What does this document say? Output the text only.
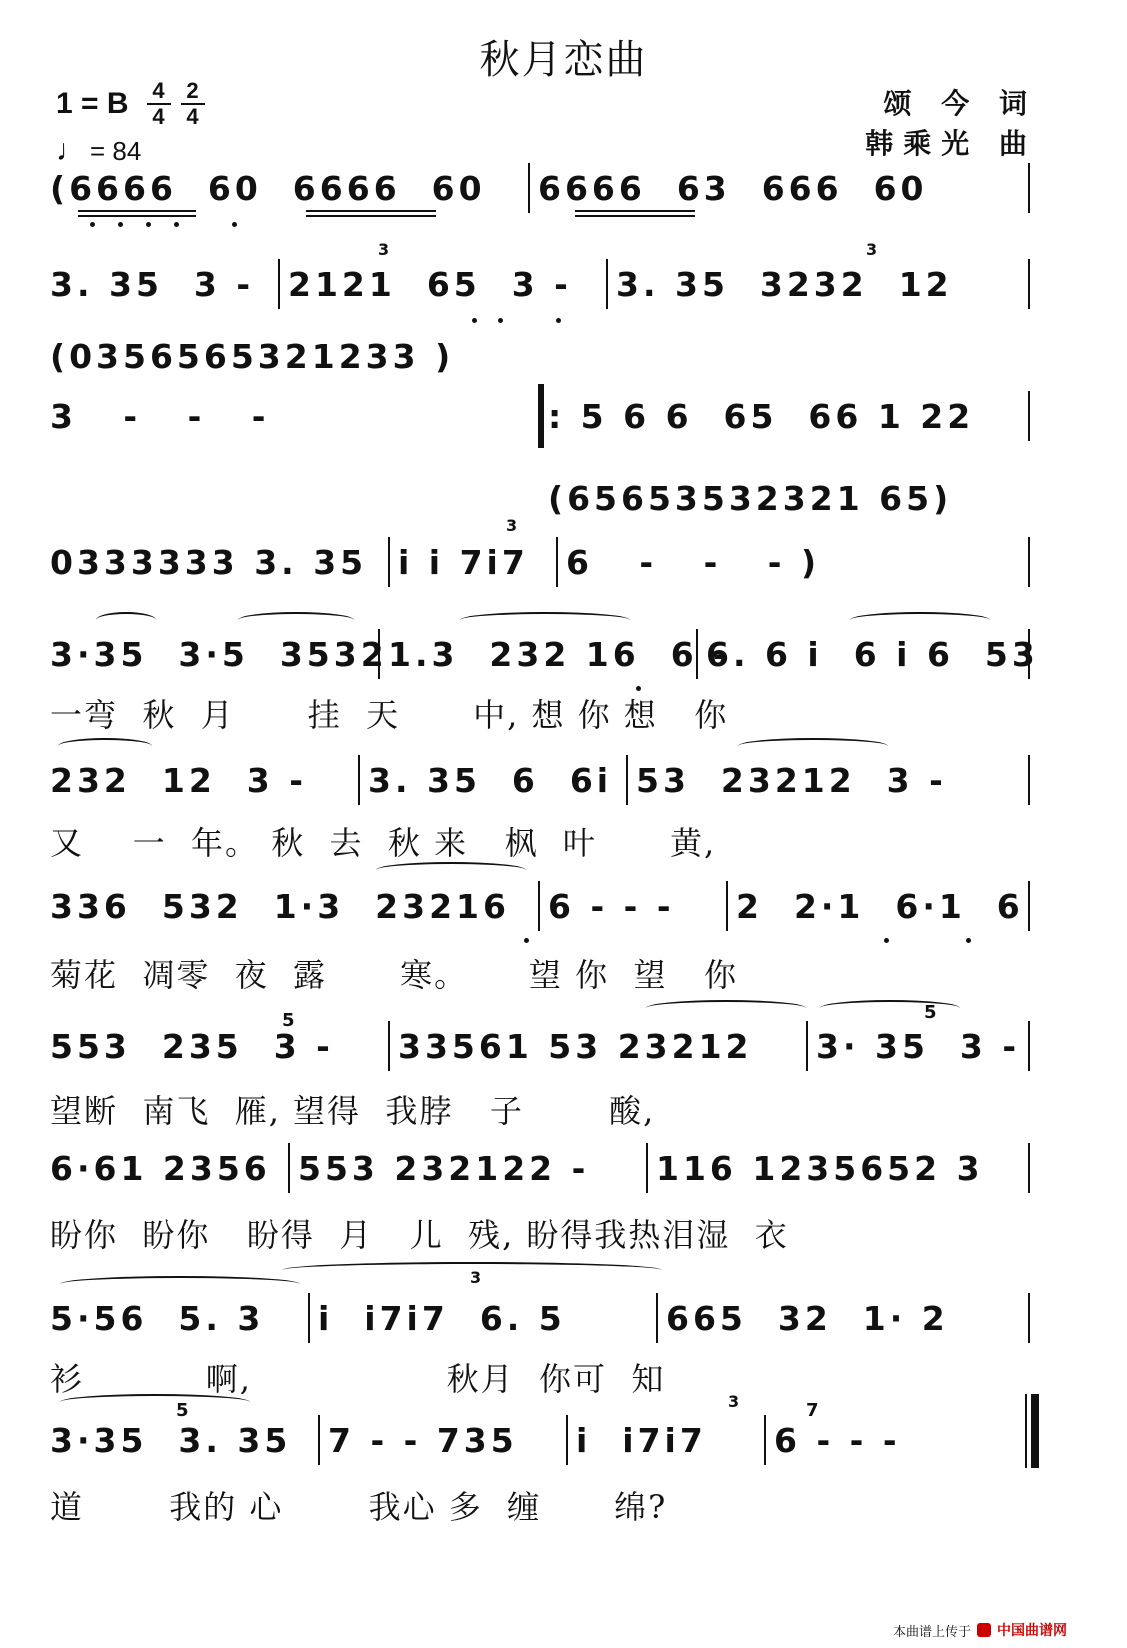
秋月恋曲
1 = B 4
4
2
4
♩ = 84
颂 今 词
韩乘光 曲
(6666  60  6666  60	6666  63  666  60
3. 35  3 -	2121  65  3 -	3. 35  3232  12
(0356565321233 )
3   -   -   -	: 5 6 6  65  66 1 22
(65653532321 65)
0333333 3. 35 i i 7i7	6   -   -   - )
3·35  3·5  3532 1.3  232 16  6 -
6. 6 i  6 i 6  53
一弯  秋  月      挂  天      中, 想 你 想   你
232  12  3 -	3. 35  6  6i 53  23212  3 -
又    一  年。 秋  去  秋 来   枫  叶      黄,
336  532  1·3  23216	6 - - -	2  2·1  6·1  6
菊花  凋零  夜  露      寒。     望 你  望   你
553  235  3 -	33561 53 23212	3· 35  3 -
望断  南飞  雁, 望得  我脖   子       酸,
6·61 2356 553 232122 -	116 1235652 3
盼你  盼你   盼得  月   儿  残, 盼得我热泪湿  衣
5·56  5. 3	i  i7i7  6. 5	665  32  1· 2
衫          啊,                秋月  你可  知
3·35  3. 35	7 - - 735	i  i7i7	6 - - -
道       我的 心       我心 多  缠      绵?
3	3
3
3
3
5	5
5	7
本曲谱上传于 中国曲谱网
